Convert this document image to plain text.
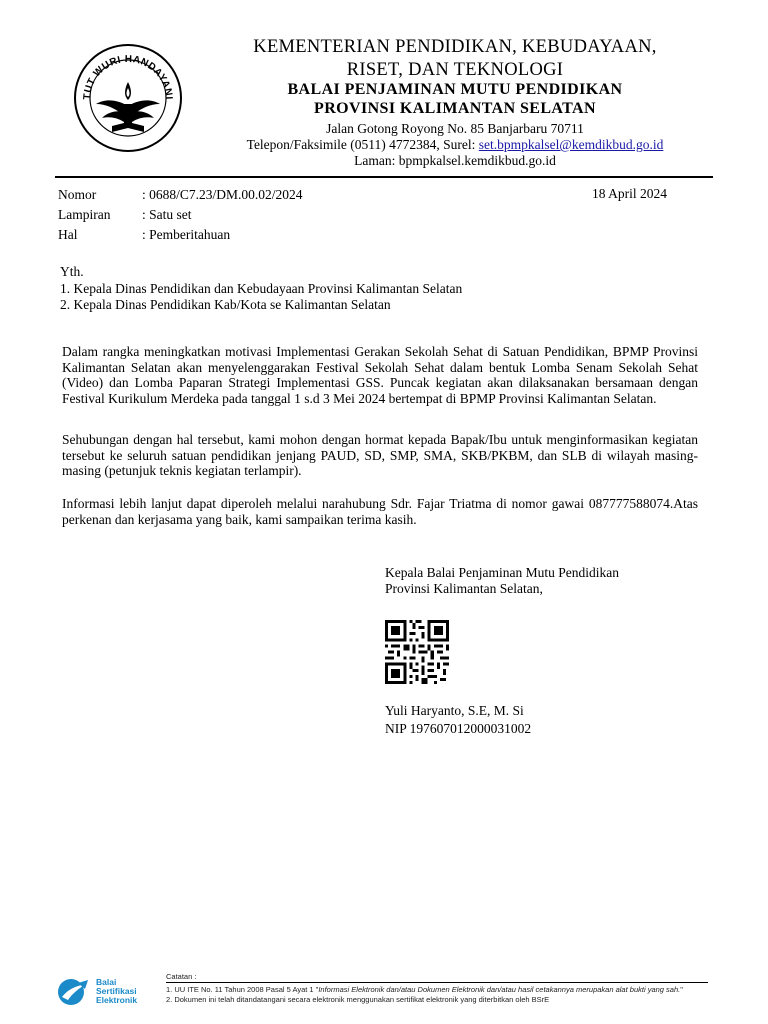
TUT WURI HANDAYANI
KEMENTERIAN PENDIDIKAN, KEBUDAYAAN,
RISET, DAN TEKNOLOGI
BALAI PENJAMINAN MUTU PENDIDIKAN
PROVINSI KALIMANTAN SELATAN
Jalan Gotong Royong No. 85 Banjarbaru 70711
Telepon/Faksimile (0511) 4772384, Surel: set.bpmpkalsel@kemdikbud.go.id
Laman: bpmpkalsel.kemdikbud.go.id
Nomor	: 0688/C7.23/DM.00.02/2024	18 April 2024
Lampiran : Satu set
Hal	: Pemberitahuan
Yth.
1. Kepala Dinas Pendidikan dan Kebudayaan Provinsi Kalimantan Selatan
2. Kepala Dinas Pendidikan Kab/Kota se Kalimantan Selatan
Dalam rangka meningkatkan motivasi Implementasi Gerakan Sekolah Sehat di Satuan Pendidikan, BPMP Provinsi Kalimantan Selatan akan menyelenggarakan Festival Sekolah Sehat dalam bentuk Lomba Senam Sekolah Sehat (Video) dan Lomba Paparan Strategi Implementasi GSS. Puncak kegiatan akan dilaksanakan bersamaan dengan Festival Kurikulum Merdeka pada tanggal 1 s.d 3 Mei 2024 bertempat di BPMP Provinsi Kalimantan Selatan.
Sehubungan dengan hal tersebut, kami mohon dengan hormat kepada Bapak/Ibu untuk menginformasikan kegiatan tersebut ke seluruh satuan pendidikan jenjang PAUD, SD, SMP, SMA, SKB/PKBM, dan SLB di wilayah masing-masing (petunjuk teknis kegiatan terlampir).
Informasi lebih lanjut dapat diperoleh melalui narahubung Sdr. Fajar Triatma di nomor gawai 087777588074.Atas perkenan dan kerjasama yang baik, kami sampaikan terima kasih.
Kepala Balai Penjaminan Mutu Pendidikan
Provinsi Kalimantan Selatan,
Yuli Haryanto, S.E, M. Si
NIP 197607012000031002
Balai
Sertifikasi
Elektronik
Catatan :
1. UU ITE No. 11 Tahun 2008 Pasal 5 Ayat 1 "Informasi Elektronik dan/atau Dokumen Elektronik dan/atau hasil cetakannya merupakan alat bukti yang sah."
2. Dokumen ini telah ditandatangani secara elektronik menggunakan sertifikat elektronik yang diterbitkan oleh BSrE
